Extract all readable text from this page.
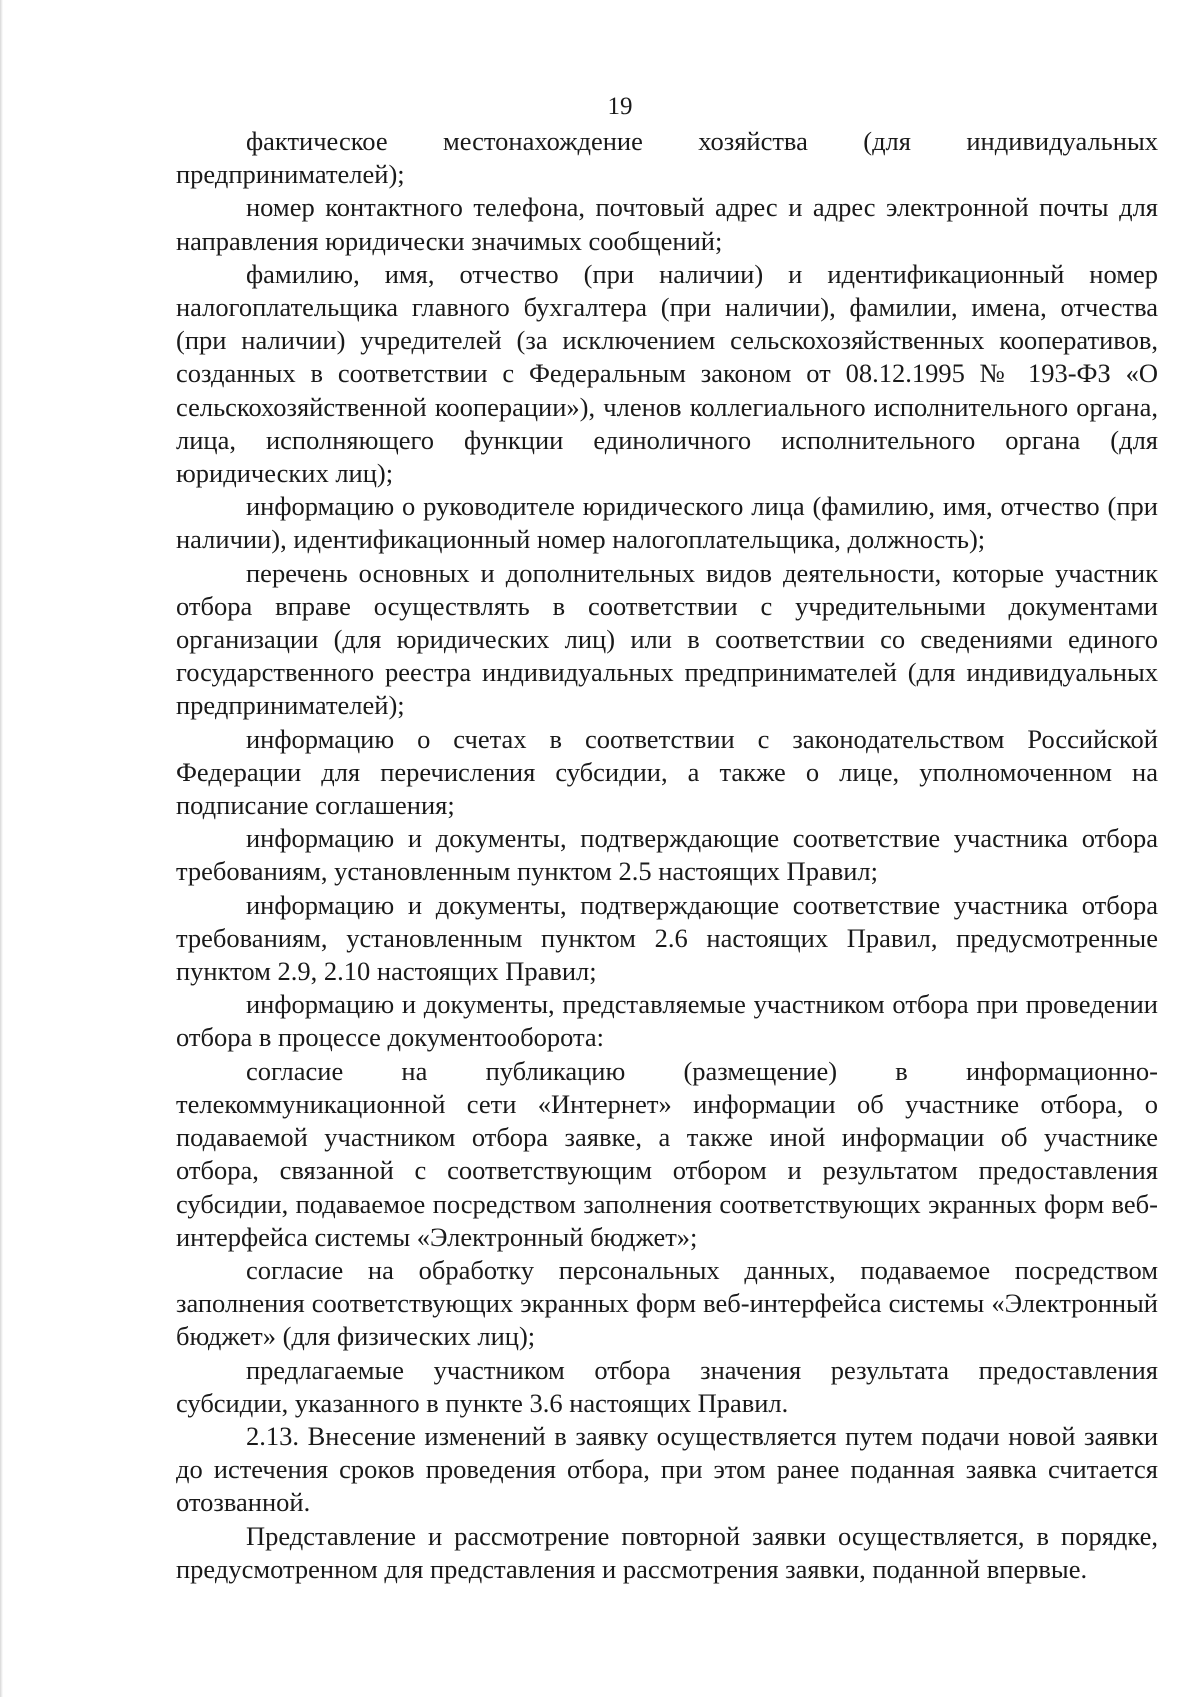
19

фактическое местонахождение хозяйства (для индивидуальных предпринимателей);

номер контактного телефона, почтовый адрес и адрес электронной почты для направления юридически значимых сообщений;

фамилию, имя, отчество (при наличии) и идентификационный номер налогоплательщика главного бухгалтера (при наличии), фамилии, имена, отчества (при наличии) учредителей (за исключением сельскохозяйственных кооперативов, созданных в соответствии с Федеральным законом от 08.12.1995 № 193-ФЗ «О сельскохозяйственной кооперации»), членов коллегиального исполнительного органа, лица, исполняющего функции единоличного исполнительного органа (для юридических лиц);

информацию о руководителе юридического лица (фамилию, имя, отчество (при наличии), идентификационный номер налогоплательщика, должность);

перечень основных и дополнительных видов деятельности, которые участник отбора вправе осуществлять в соответствии с учредительными документами организации (для юридических лиц) или в соответствии со сведениями единого государственного реестра индивидуальных предпринимателей (для индивидуальных предпринимателей);

информацию о счетах в соответствии с законодательством Российской Федерации для перечисления субсидии, а также о лице, уполномоченном на подписание соглашения;

информацию и документы, подтверждающие соответствие участника отбора требованиям, установленным пунктом 2.5 настоящих Правил;

информацию и документы, подтверждающие соответствие участника отбора требованиям, установленным пунктом 2.6 настоящих Правил, предусмотренные пунктом 2.9, 2.10 настоящих Правил;

информацию и документы, представляемые участником отбора при проведении отбора в процессе документооборота:

согласие на публикацию (размещение) в информационно-телекоммуникационной сети «Интернет» информации об участнике отбора, о подаваемой участником отбора заявке, а также иной информации об участнике отбора, связанной с соответствующим отбором и результатом предоставления субсидии, подаваемое посредством заполнения соответствующих экранных форм веб-интерфейса системы «Электронный бюджет»;

согласие на обработку персональных данных, подаваемое посредством заполнения соответствующих экранных форм веб-интерфейса системы «Электронный бюджет» (для физических лиц);

предлагаемые участником отбора значения результата предоставления субсидии, указанного в пункте 3.6 настоящих Правил.

2.13. Внесение изменений в заявку осуществляется путем подачи новой заявки до истечения сроков проведения отбора, при этом ранее поданная заявка считается отозванной.

Представление и рассмотрение повторной заявки осуществляется, в порядке, предусмотренном для представления и рассмотрения заявки, поданной впервые.
